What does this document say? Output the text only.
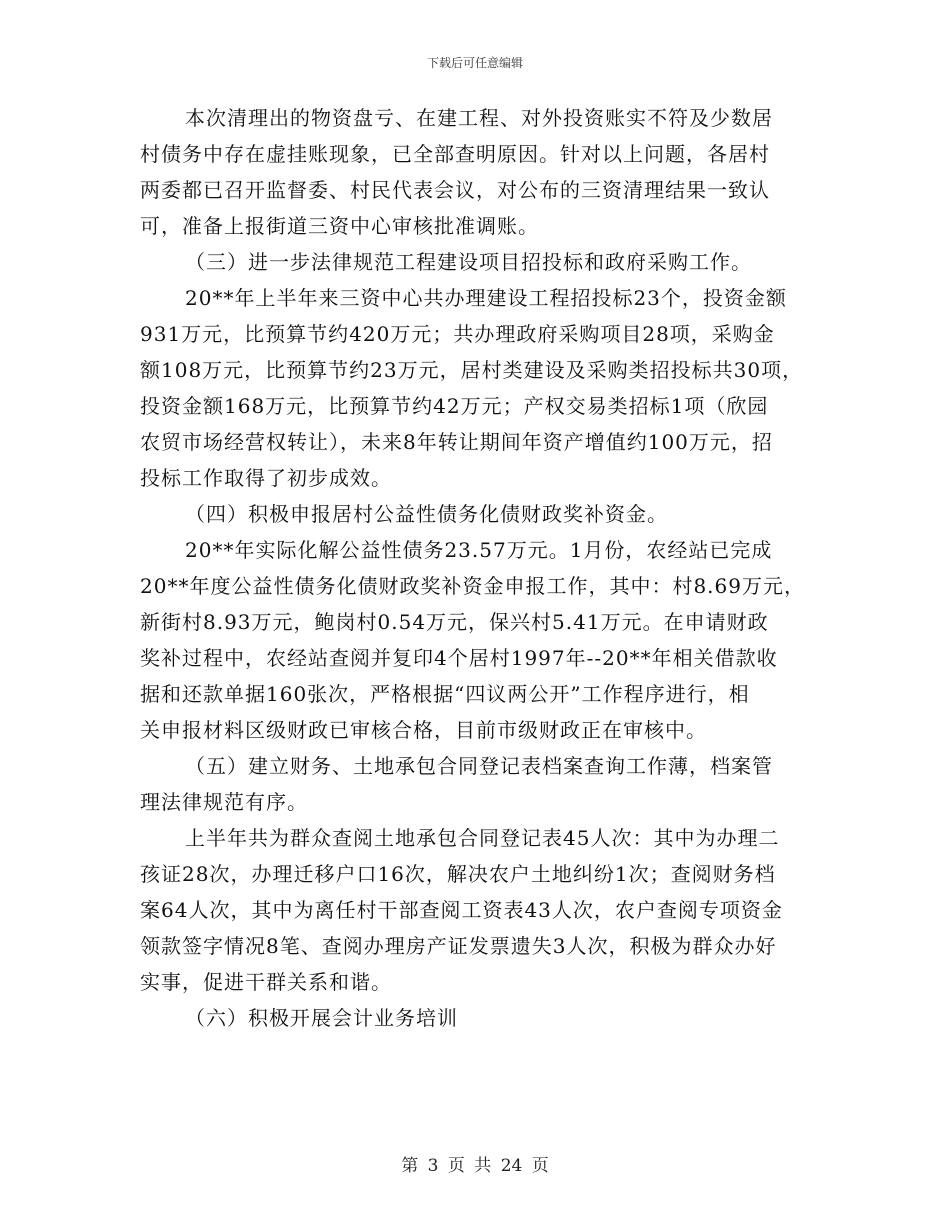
下载后可任意编辑
本次清理出的物资盘亏、在建工程、对外投资账实不符及少数居
村债务中存在虚挂账现象，已全部查明原因。针对以上问题，各居村
两委都已召开监督委、村民代表会议，对公布的三资清理结果一致认
可，准备上报街道三资中心审核批准调账。
（三）进一步法律规范工程建设项目招投标和政府采购工作。
20**年上半年来三资中心共办理建设工程招投标23个，投资金额
931万元，比预算节约420万元；共办理政府采购项目28项，采购金
额108万元，比预算节约23万元，居村类建设及采购类招投标共30项，
投资金额168万元，比预算节约42万元；产权交易类招标1项（欣园
农贸市场经营权转让），未来8年转让期间年资产增值约100万元，招
投标工作取得了初步成效。
（四）积极申报居村公益性债务化债财政奖补资金。
20**年实际化解公益性债务23.57万元。1月份，农经站已完成
20**年度公益性债务化债财政奖补资金申报工作，其中：村8.69万元，
新街村8.93万元，鲍岗村0.54万元，保兴村5.41万元。在申请财政
奖补过程中，农经站查阅并复印4个居村1997年--20**年相关借款收
据和还款单据160张次，严格根据“四议两公开”工作程序进行，相
关申报材料区级财政已审核合格，目前市级财政正在审核中。
（五）建立财务、土地承包合同登记表档案查询工作薄，档案管
理法律规范有序。
上半年共为群众查阅土地承包合同登记表45人次：其中为办理二
孩证28次，办理迁移户口16次，解决农户土地纠纷1次；查阅财务档
案64人次，其中为离任村干部查阅工资表43人次，农户查阅专项资金
领款签字情况8笔、查阅办理房产证发票遗失3人次，积极为群众办好
实事，促进干群关系和谐。
（六）积极开展会计业务培训
第 3 页 共 24 页
